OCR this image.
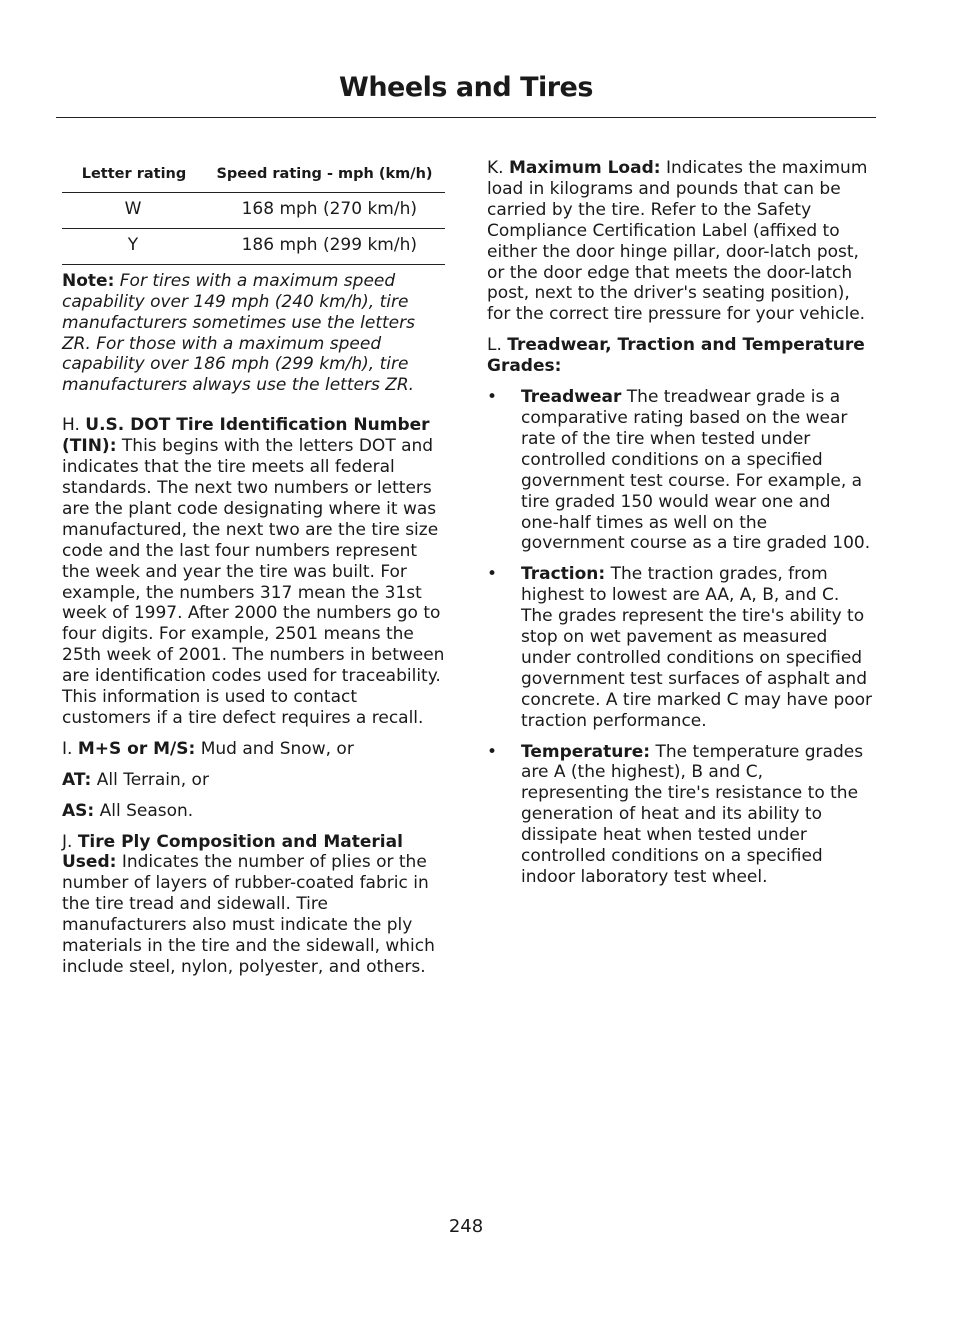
Wheels and Tires
Letter rating	Speed rating - mph (km/h)
W	168 mph (270 km/h)
Y	186 mph (299 km/h)

Note: For tires with a maximum speed capability over 149 mph (240 km/h), tire manufacturers sometimes use the letters ZR. For those with a maximum speed capability over 186 mph (299 km/h), tire manufacturers always use the letters ZR.

H. U.S. DOT Tire Identification Number (TIN): This begins with the letters DOT and indicates that the tire meets all federal standards. The next two numbers or letters are the plant code designating where it was manufactured, the next two are the tire size code and the last four numbers represent the week and year the tire was built. For example, the numbers 317 mean the 31st week of 1997. After 2000 the numbers go to four digits. For example, 2501 means the 25th week of 2001. The numbers in between are identification codes used for traceability. This information is used to contact customers if a tire defect requires a recall.

I. M+S or M/S: Mud and Snow, or

AT: All Terrain, or

AS: All Season.

J. Tire Ply Composition and Material Used: Indicates the number of plies or the number of layers of rubber-coated fabric in the tire tread and sidewall. Tire manufacturers also must indicate the ply materials in the tire and the sidewall, which include steel, nylon, polyester, and others.

K. Maximum Load: Indicates the maximum load in kilograms and pounds that can be carried by the tire. Refer to the Safety Compliance Certification Label (affixed to either the door hinge pillar, door-latch post, or the door edge that meets the door-latch post, next to the driver's seating position), for the correct tire pressure for your vehicle.

L. Treadwear, Traction and Temperature Grades:

• Treadwear The treadwear grade is a comparative rating based on the wear rate of the tire when tested under controlled conditions on a specified government test course. For example, a tire graded 150 would wear one and one-half times as well on the government course as a tire graded 100.
• Traction: The traction grades, from highest to lowest are AA, A, B, and C. The grades represent the tire's ability to stop on wet pavement as measured under controlled conditions on specified government test surfaces of asphalt and concrete. A tire marked C may have poor traction performance.
• Temperature: The temperature grades are A (the highest), B and C, representing the tire's resistance to the generation of heat and its ability to dissipate heat when tested under controlled conditions on a specified indoor laboratory test wheel.
248
